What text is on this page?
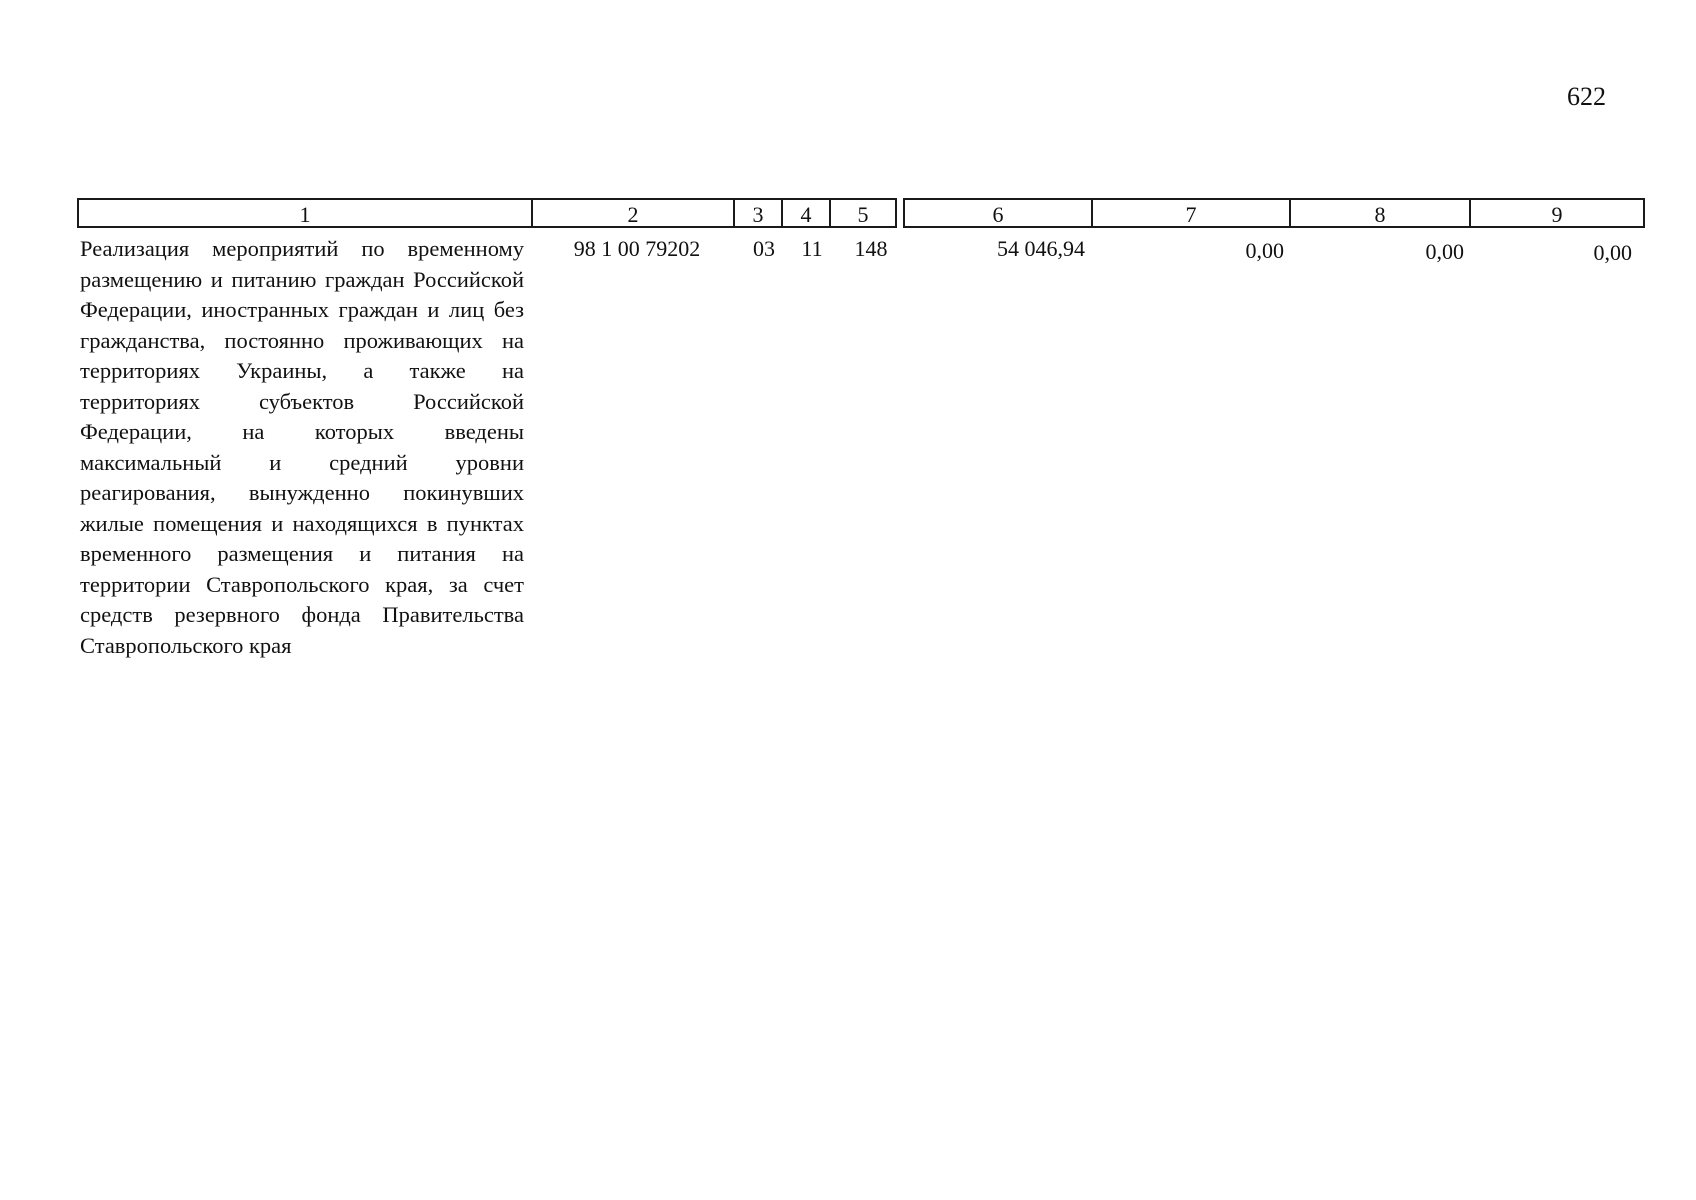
622
1	2	3	4	5	6	7	8	9
Реализация мероприятий по временному размещению и питанию граждан Российской Федерации, иностранных граждан и лиц без гражданства, постоянно проживающих на территориях Украины, а также на территориях субъектов Российской Федерации, на которых введены максимальный и средний уровни реагирования, вынужденно покинувших жилые помещения и находящихся в пунктах временного размещения и питания на территории Ставропольского края, за счет средств резервного фонда Правительства Ставропольского края
98 1 00 79202	03	11	148	54 046,94	0,00	0,00	0,00
